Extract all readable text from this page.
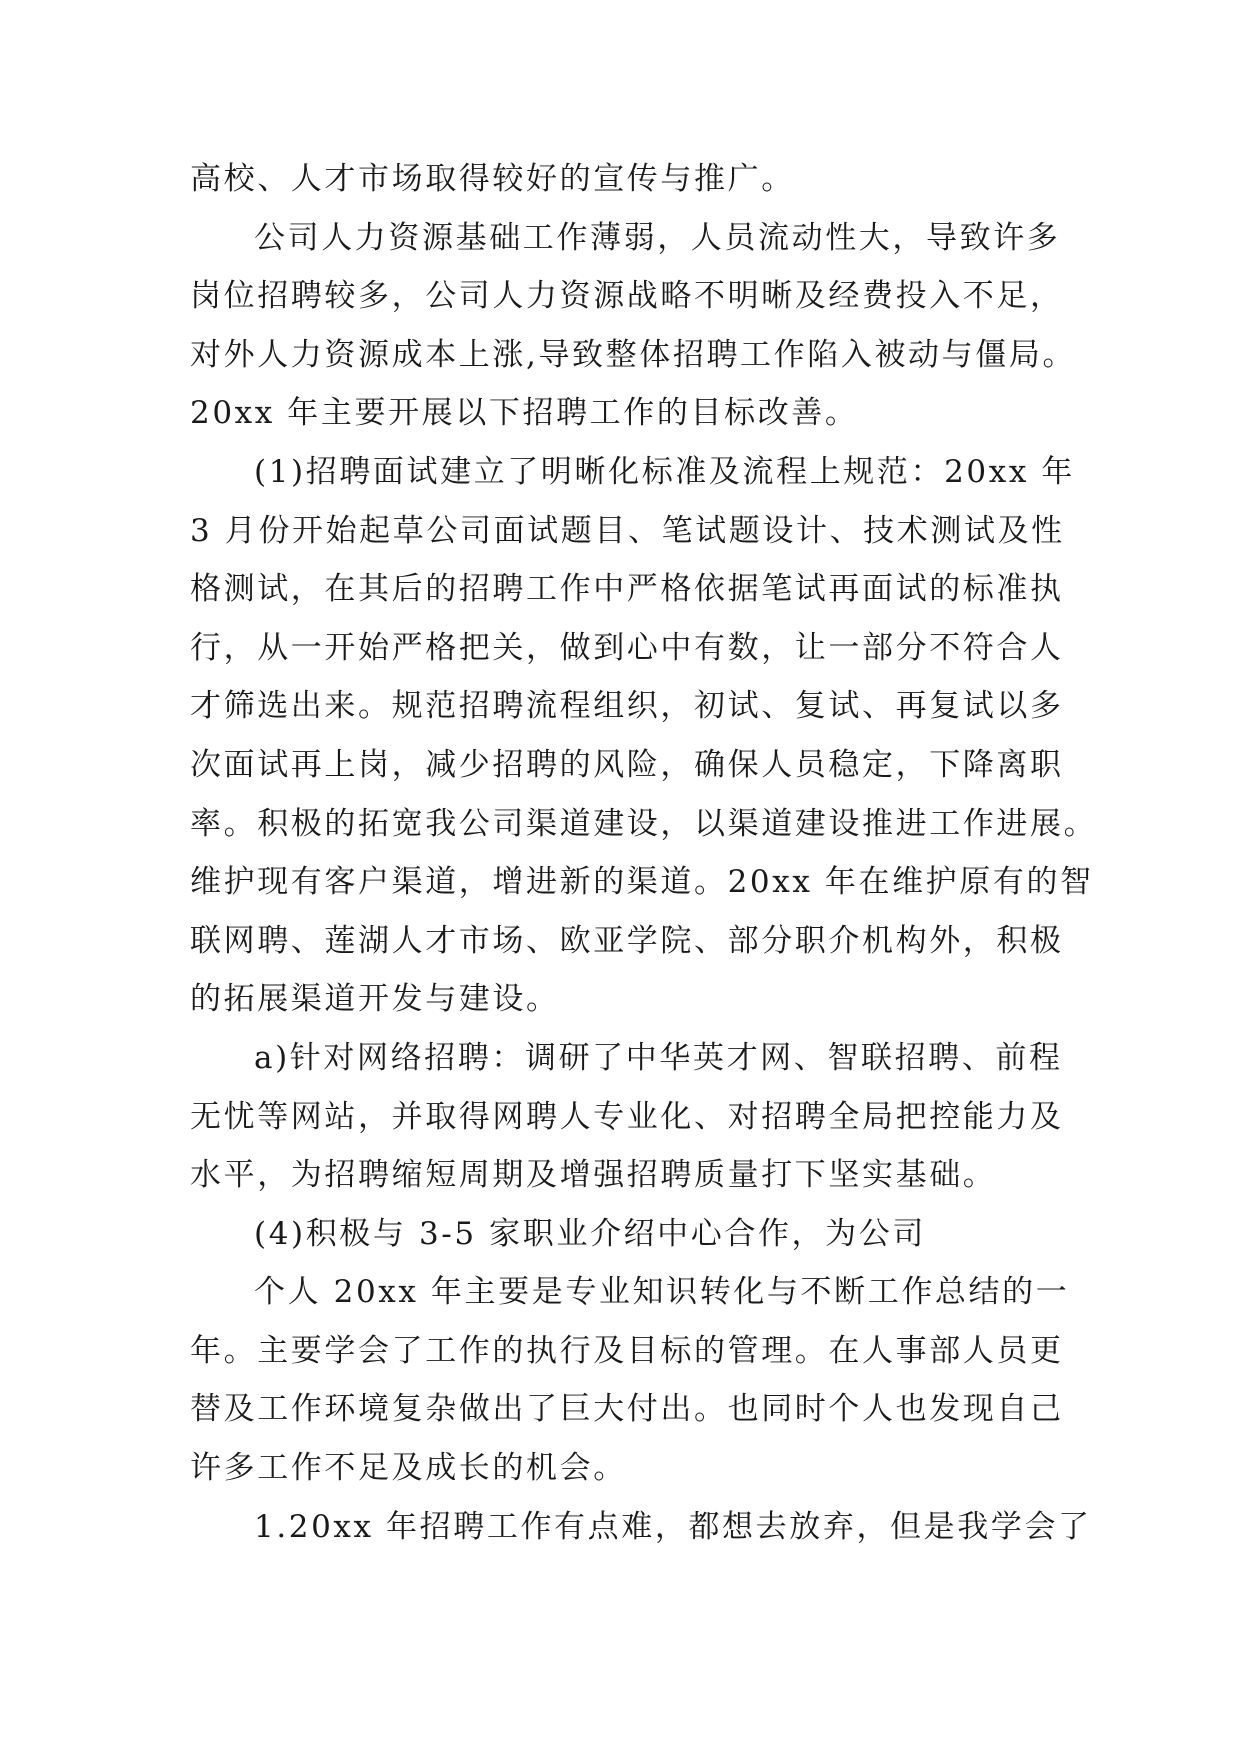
高校、人才市场取得较好的宣传与推广。
公司人力资源基础工作薄弱，人员流动性大，导致许多
岗位招聘较多，公司人力资源战略不明晰及经费投入不足，
对外人力资源成本上涨,导致整体招聘工作陷入被动与僵局。
20xx 年主要开展以下招聘工作的目标改善。
(1)招聘面试建立了明晰化标准及流程上规范：20xx 年
3 月份开始起草公司面试题目、笔试题设计、技术测试及性
格测试，在其后的招聘工作中严格依据笔试再面试的标准执
行，从一开始严格把关，做到心中有数，让一部分不符合人
才筛选出来。规范招聘流程组织，初试、复试、再复试以多
次面试再上岗，减少招聘的风险，确保人员稳定，下降离职
率。积极的拓宽我公司渠道建设，以渠道建设推进工作进展。
维护现有客户渠道，增进新的渠道。20xx 年在维护原有的智
联网聘、莲湖人才市场、欧亚学院、部分职介机构外，积极
的拓展渠道开发与建设。
a)针对网络招聘：调研了中华英才网、智联招聘、前程
无忧等网站，并取得网聘人专业化、对招聘全局把控能力及
水平，为招聘缩短周期及增强招聘质量打下坚实基础。
(4)积极与 3-5 家职业介绍中心合作，为公司
个人 20xx 年主要是专业知识转化与不断工作总结的一
年。主要学会了工作的执行及目标的管理。在人事部人员更
替及工作环境复杂做出了巨大付出。也同时个人也发现自己
许多工作不足及成长的机会。
1.20xx 年招聘工作有点难，都想去放弃，但是我学会了
